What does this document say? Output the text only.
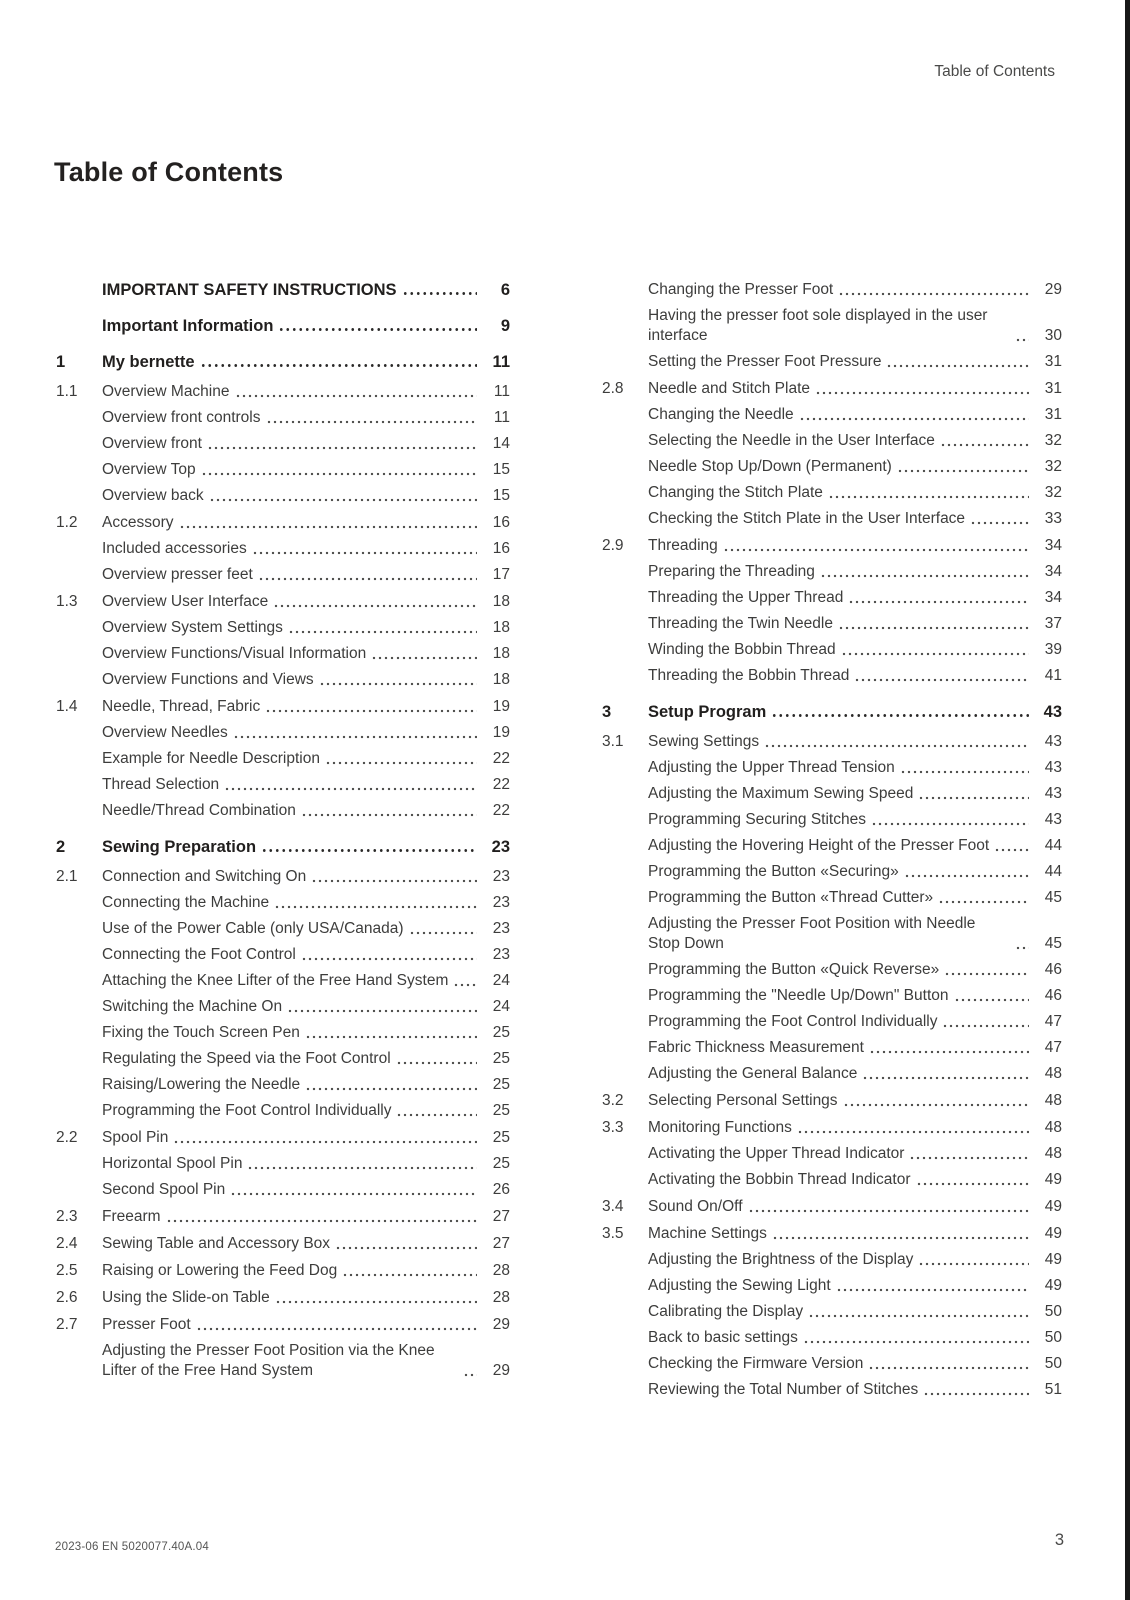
Table of Contents
Table of Contents
IMPORTANT SAFETY INSTRUCTIONS	6
Important Information	9
1	My bernette	11
1.1	Overview Machine	11
Overview front controls	11
Overview front	14
Overview Top	15
Overview back	15
1.2	Accessory	16
Included accessories	16
Overview presser feet	17
1.3	Overview User Interface	18
Overview System Settings	18
Overview Functions/Visual Information	18
Overview Functions and Views	18
1.4	Needle, Thread, Fabric	19
Overview Needles	19
Example for Needle Description	22
Thread Selection	22
Needle/Thread Combination	22
2	Sewing Preparation	23
2.1	Connection and Switching On	23
Connecting the Machine	23
Use of the Power Cable (only USA/Canada)	23
Connecting the Foot Control	23
Attaching the Knee Lifter of the Free Hand System	24
Switching the Machine On	24
Fixing the Touch Screen Pen	25
Regulating the Speed via the Foot Control	25
Raising/Lowering the Needle	25
Programming the Foot Control Individually	25
2.2	Spool Pin	25
Horizontal Spool Pin	25
Second Spool Pin	26
2.3	Freearm	27
2.4	Sewing Table and Accessory Box	27
2.5	Raising or Lowering the Feed Dog	28
2.6	Using the Slide-on Table	28
2.7	Presser Foot	29
Adjusting the Presser Foot Position via the Knee Lifter of the Free Hand System	29
Changing the Presser Foot	29
Having the presser foot sole displayed in the user interface	30
Setting the Presser Foot Pressure	31
2.8	Needle and Stitch Plate	31
Changing the Needle	31
Selecting the Needle in the User Interface	32
Needle Stop Up/Down (Permanent)	32
Changing the Stitch Plate	32
Checking the Stitch Plate in the User Interface	33
2.9	Threading	34
Preparing the Threading	34
Threading the Upper Thread	34
Threading the Twin Needle	37
Winding the Bobbin Thread	39
Threading the Bobbin Thread	41
3	Setup Program	43
3.1	Sewing Settings	43
Adjusting the Upper Thread Tension	43
Adjusting the Maximum Sewing Speed	43
Programming Securing Stitches	43
Adjusting the Hovering Height of the Presser Foot	44
Programming the Button «Securing»	44
Programming the Button «Thread Cutter»	45
Adjusting the Presser Foot Position with Needle Stop Down	45
Programming the Button «Quick Reverse»	46
Programming the "Needle Up/Down" Button	46
Programming the Foot Control Individually	47
Fabric Thickness Measurement	47
Adjusting the General Balance	48
3.2	Selecting Personal Settings	48
3.3	Monitoring Functions	48
Activating the Upper Thread Indicator	48
Activating the Bobbin Thread Indicator	49
3.4	Sound On/Off	49
3.5	Machine Settings	49
Adjusting the Brightness of the Display	49
Adjusting the Sewing Light	49
Calibrating the Display	50
Back to basic settings	50
Checking the Firmware Version	50
Reviewing the Total Number of Stitches	51
2023-06 EN 5020077.40A.04	3
